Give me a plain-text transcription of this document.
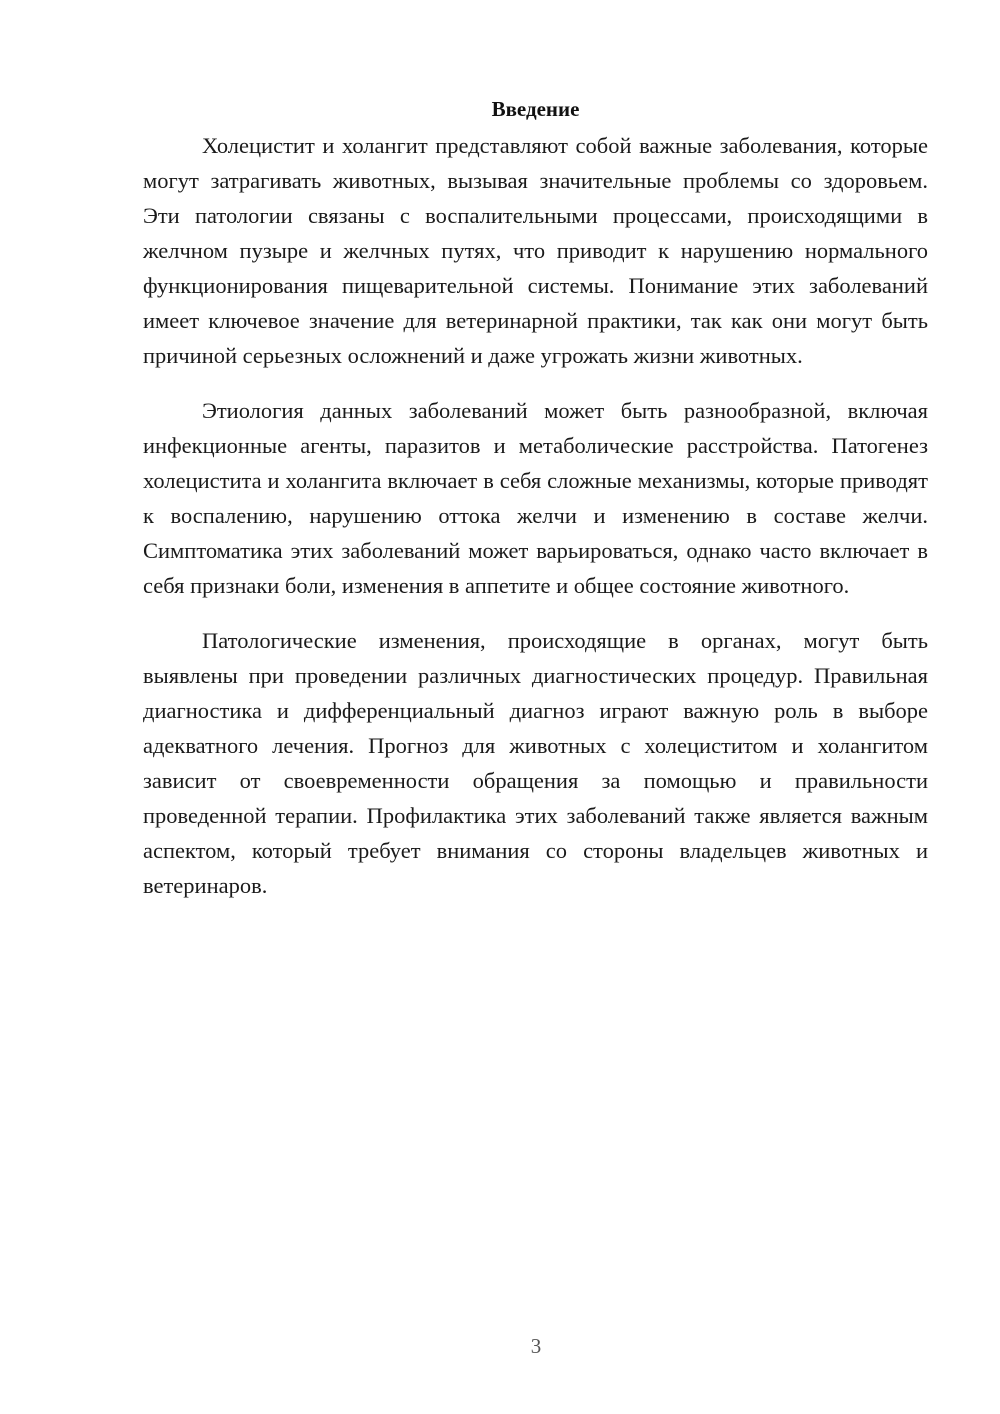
Введение

Холецистит и холангит представляют собой важные заболевания, которые могут затрагивать животных, вызывая значительные проблемы со здоровьем. Эти патологии связаны с воспалительными процессами, происходящими в желчном пузыре и желчных путях, что приводит к нарушению нормального функционирования пищеварительной системы. Понимание этих заболеваний имеет ключевое значение для ветеринарной практики, так как они могут быть причиной серьезных осложнений и даже угрожать жизни животных.

Этиология данных заболеваний может быть разнообразной, включая инфекционные агенты, паразитов и метаболические расстройства. Патогенез холецистита и холангита включает в себя сложные механизмы, которые приводят к воспалению, нарушению оттока желчи и изменению в составе желчи. Симптоматика этих заболеваний может варьироваться, однако часто включает в себя признаки боли, изменения в аппетите и общее состояние животного.

Патологические изменения, происходящие в органах, могут быть выявлены при проведении различных диагностических процедур. Правильная диагностика и дифференциальный диагноз играют важную роль в выборе адекватного лечения. Прогноз для животных с холециститом и холангитом зависит от своевременности обращения за помощью и правильности проведенной терапии. Профилактика этих заболеваний также является важным аспектом, который требует внимания со стороны владельцев животных и ветеринаров.

3
